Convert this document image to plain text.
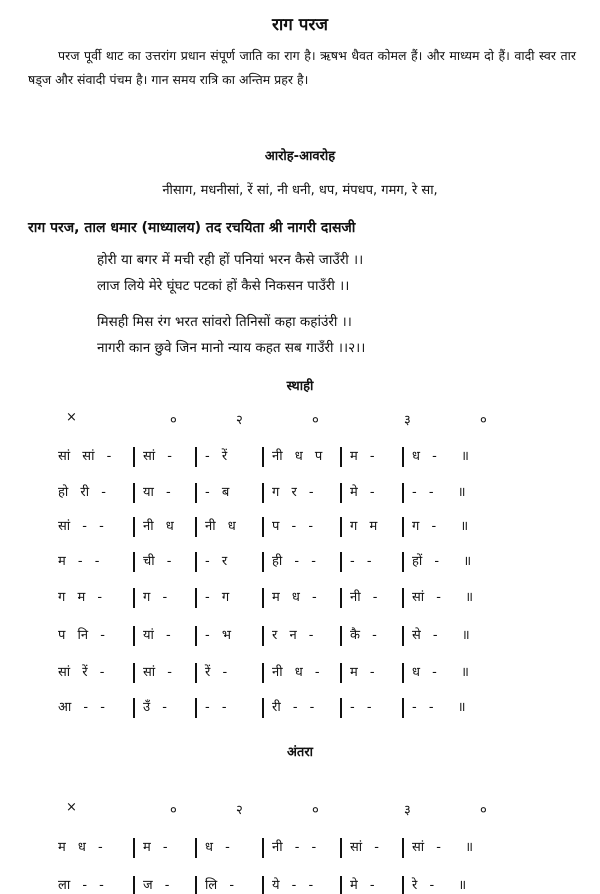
राग परज
परज पूर्वी थाट का उत्तरांग प्रधान संपूर्ण जाति का राग है। ऋषभ धैवत कोमल हैं। और माध्यम दो हैं। वादी स्वर तार षड्ज और संवादी पंचम है। गान समय रात्रि का अन्तिम प्रहर है।
आरोह-आवरोह
नीसाग, मधनीसां, रें सां, नी धनी, धप, मंपधप, गमग, रे सा,
राग परज, ताल धमार (माध्यालय) तद रचयिता श्री नागरी दासजी
होरी या बगर में मची रही हों पनियां भरन कैसे जाउँरी ।।
लाज लिये मेरे घूंघट पटकां हों कैसे निकसन पाउँरी ।।
मिसही मिस रंग भरत सांवरो तिनिसों कहा कहांउंरी ।।
नागरी कान छुवे जिन मानो न्याय कहत सब गाउँरी ।।२।।
स्थाही
×	०	२	०	३	०
सां सां -	सां -	- रें	नी ध प	म -	ध -  ॥
हो री -	या -	- ब	ग र -	मे -	- -  ॥
सां - -	नी ध	नी ध	प - -	ग म	ग -  ॥
म - -	ची -	- र	ही - -	- -	हों -  ॥
ग म -	ग -	- ग	म ध -	नी -	सां -  ॥
प नि -	यां -	- भ	र न -	कै -	से -  ॥
सां रें -	सां -	रें -	नी ध -	म -	ध -  ॥
आ - -	उँ -	- -	री - -	- -	- -  ॥
अंतरा
×	०	२	०	३	०
म ध -	म -	ध -	नी - -	सां -	सां -  ॥
ला - -	ज -	लि -	ये - -	मे -	रे -  ॥
